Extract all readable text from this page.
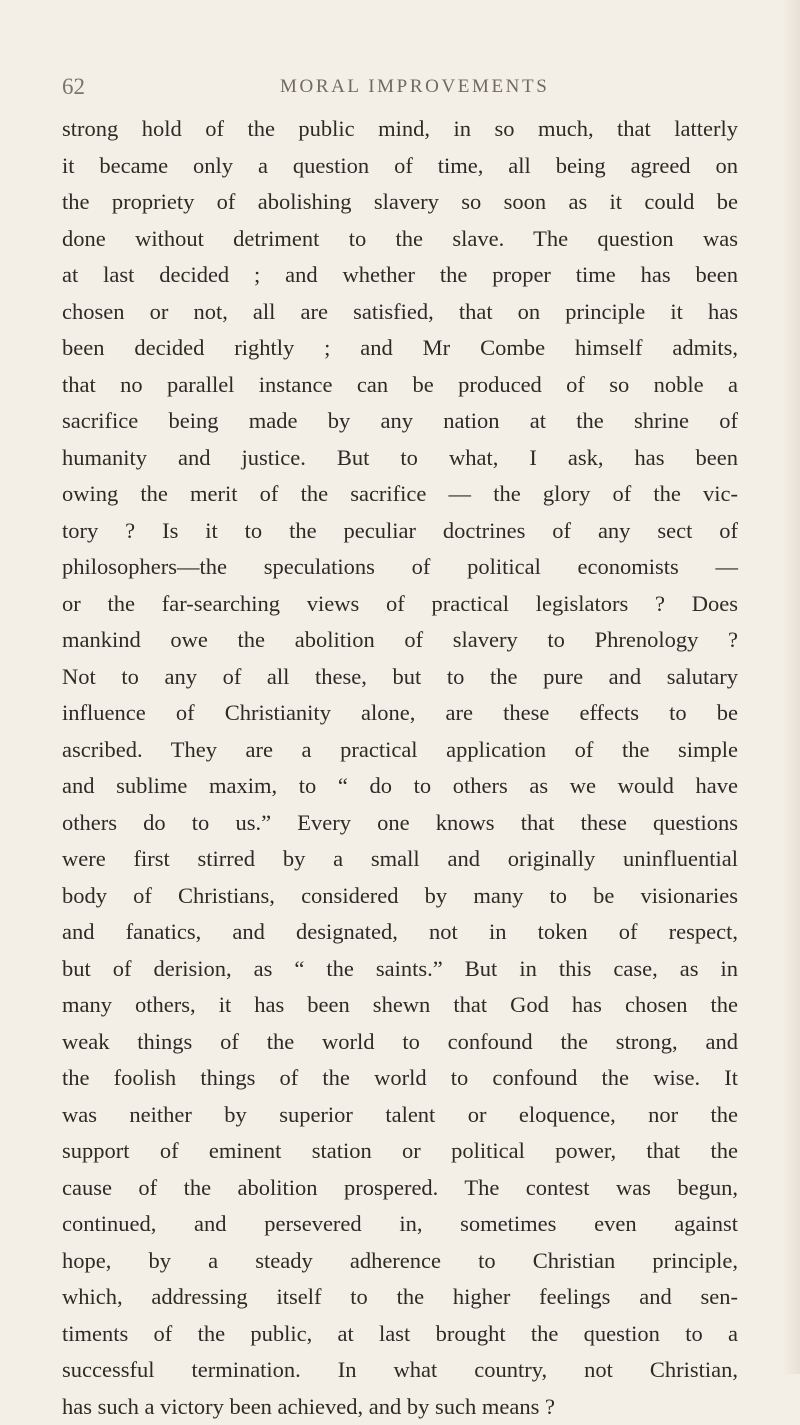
62	MORAL IMPROVEMENTS
strong hold of the public mind, in so much, that latterly
it became only a question of time, all being agreed on
the propriety of abolishing slavery so soon as it could be
done without detriment to the slave. The question was
at last decided ; and whether the proper time has been
chosen or not, all are satisfied, that on principle it has
been decided rightly ; and Mr Combe himself admits,
that no parallel instance can be produced of so noble a
sacrifice being made by any nation at the shrine of
humanity and justice. But to what, I ask, has been
owing the merit of the sacrifice — the glory of the vic-
tory ? Is it to the peculiar doctrines of any sect of
philosophers—the speculations of political economists —
or the far-searching views of practical legislators ? Does
mankind owe the abolition of slavery to Phrenology ?
Not to any of all these, but to the pure and salutary
influence of Christianity alone, are these effects to be
ascribed. They are a practical application of the simple
and sublime maxim, to “ do to others as we would have
others do to us.” Every one knows that these questions
were first stirred by a small and originally uninfluential
body of Christians, considered by many to be visionaries
and fanatics, and designated, not in token of respect,
but of derision, as “ the saints.” But in this case, as in
many others, it has been shewn that God has chosen the
weak things of the world to confound the strong, and
the foolish things of the world to confound the wise. It
was neither by superior talent or eloquence, nor the
support of eminent station or political power, that the
cause of the abolition prospered. The contest was begun,
continued, and persevered in, sometimes even against
hope, by a steady adherence to Christian principle,
which, addressing itself to the higher feelings and sen-
timents of the public, at last brought the question to a
successful termination. In what country, not Christian,
has such a victory been achieved, and by such means ?
